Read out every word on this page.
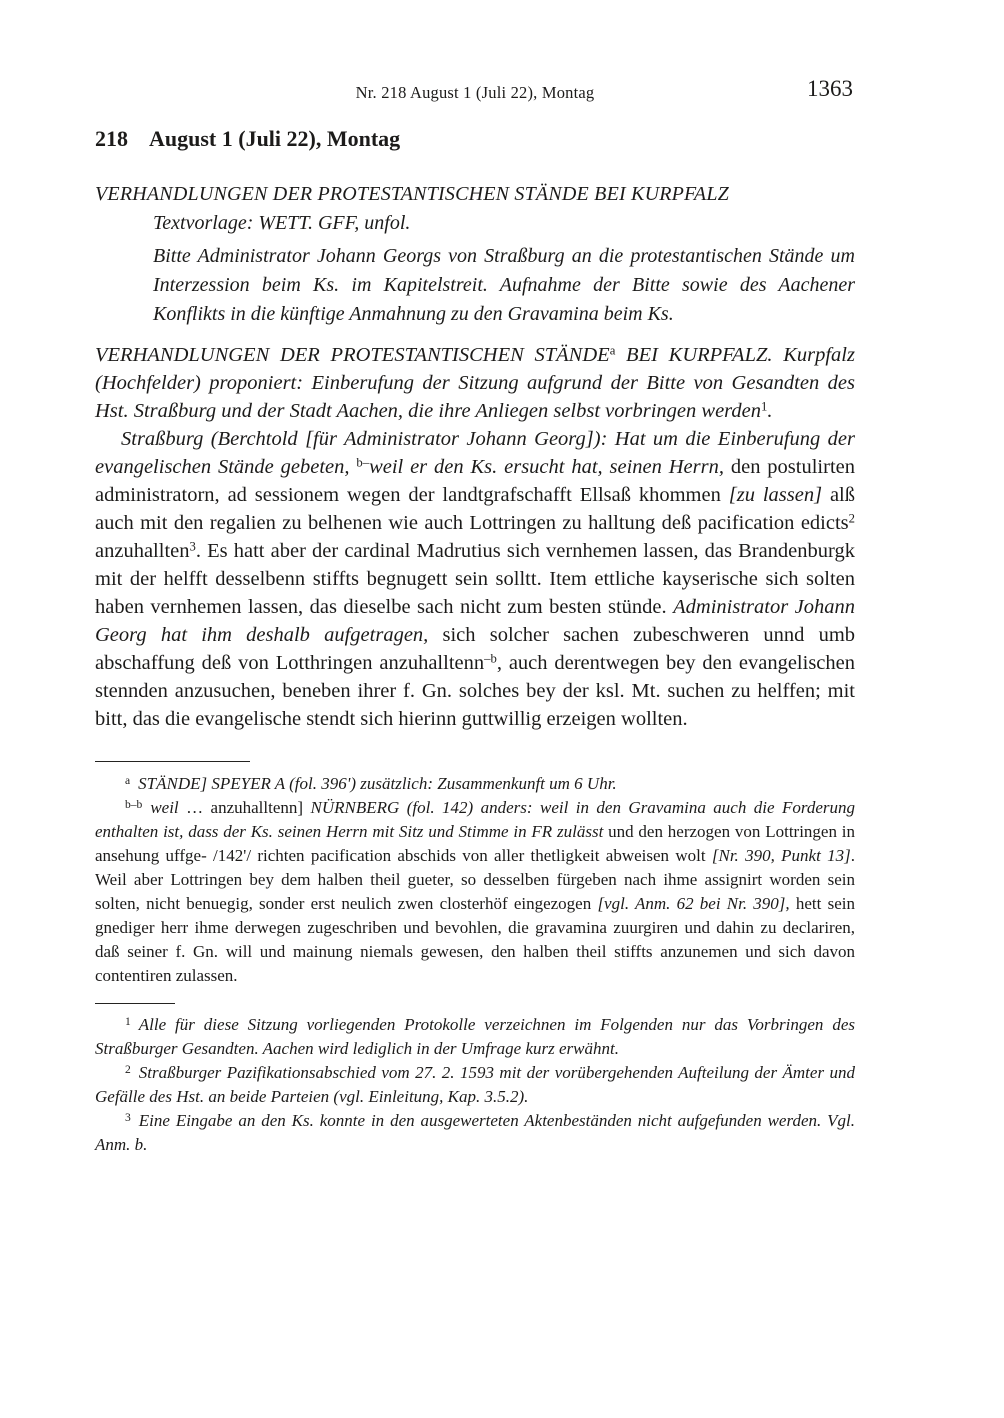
Nr. 218 August 1 (Juli 22), Montag	1363
218 August 1 (Juli 22), Montag
VERHANDLUNGEN DER PROTESTANTISCHEN STÄNDE BEI KURPFALZ
Textvorlage: WETT. GFF, unfol.

Bitte Administrator Johann Georgs von Straßburg an die protestantischen Stände um Interzession beim Ks. im Kapitelstreit. Aufnahme der Bitte sowie des Aachener Konflikts in die künftige Anmahnung zu den Gravamina beim Ks.

VERHANDLUNGEN DER PROTESTANTISCHEN STÄNDE$^a$ BEI KURPFALZ. Kurpfalz (Hochfelder) proponiert: Einberufung der Sitzung aufgrund der Bitte von Gesandten des Hst. Straßburg und der Stadt Aachen, die ihre Anliegen selbst vorbringen werden$^1$.

Straßburg (Berchtold [für Administrator Johann Georg]): Hat um die Einberufung der evangelischen Stände gebeten, $^{b-}$weil er den Ks. ersucht hat, seinen Herrn, den postulirten administratorn, ad sessionem wegen der landtgrafschafft Ellsaß khommen [zu lassen] alß auch mit den regalien zu belhenen wie auch Lottringen zu halltung deß pacification edicts$^2$ anzuhallten$^3$. Es hatt aber der cardinal Madrutius sich vernhemen lassen, das Brandenburgk mit der helfft desselbenn stiffts begnugett sein solltt. Item ettliche kayserische sich solten haben vernhemen lassen, das dieselbe sach nicht zum besten stünde. Administrator Johann Georg hat ihm deshalb aufgetragen, sich solcher sachen zubeschweren unnd umb abschaffung deß von Lotthringen anzuhalltenn$^{-b}$, auch derentwegen bey den evangelischen stennden anzusuchen, beneben ihrer f. Gn. solches bey der ksl. Mt. suchen zu helffen; mit bitt, das die evangelische stendt sich hierinn guttwillig erzeigen wollten.

$^a$ STÄNDE] SPEYER A (fol. 396') zusätzlich: Zusammenkunft um 6 Uhr.

$^{b-b}$ weil … anzuhalltenn] NÜRNBERG (fol. 142) anders: weil in den Gravamina auch die Forderung enthalten ist, dass der Ks. seinen Herrn mit Sitz und Stimme in FR zulässt und den herzogen von Lottringen in ansehung uffge- /142'/ richten pacification abschids von aller thetligkeit abweisen wolt [Nr. 390, Punkt 13]. Weil aber Lottringen bey dem halben theil gueter, so desselben fürgeben nach ihme assignirt worden sein solten, nicht benuegig, sonder erst neulich zwen closterhöf eingezogen [vgl. Anm. 62 bei Nr. 390], hett sein gnediger herr ihme derwegen zugeschriben und bevohlen, die gravamina zuurgiren und dahin zu declariren, daß seiner f. Gn. will und mainung niemals gewesen, den halben theil stiffts anzunemen und sich davon contentiren zulassen.

$^1$ Alle für diese Sitzung vorliegenden Protokolle verzeichnen im Folgenden nur das Vorbringen des Straßburger Gesandten. Aachen wird lediglich in der Umfrage kurz erwähnt.

$^2$ Straßburger Pazifikationsabschied vom 27. 2. 1593 mit der vorübergehenden Aufteilung der Ämter und Gefälle des Hst. an beide Parteien (vgl. Einleitung, Kap. 3.5.2).

$^3$ Eine Eingabe an den Ks. konnte in den ausgewerteten Aktenbeständen nicht aufgefunden werden. Vgl. Anm. b.
